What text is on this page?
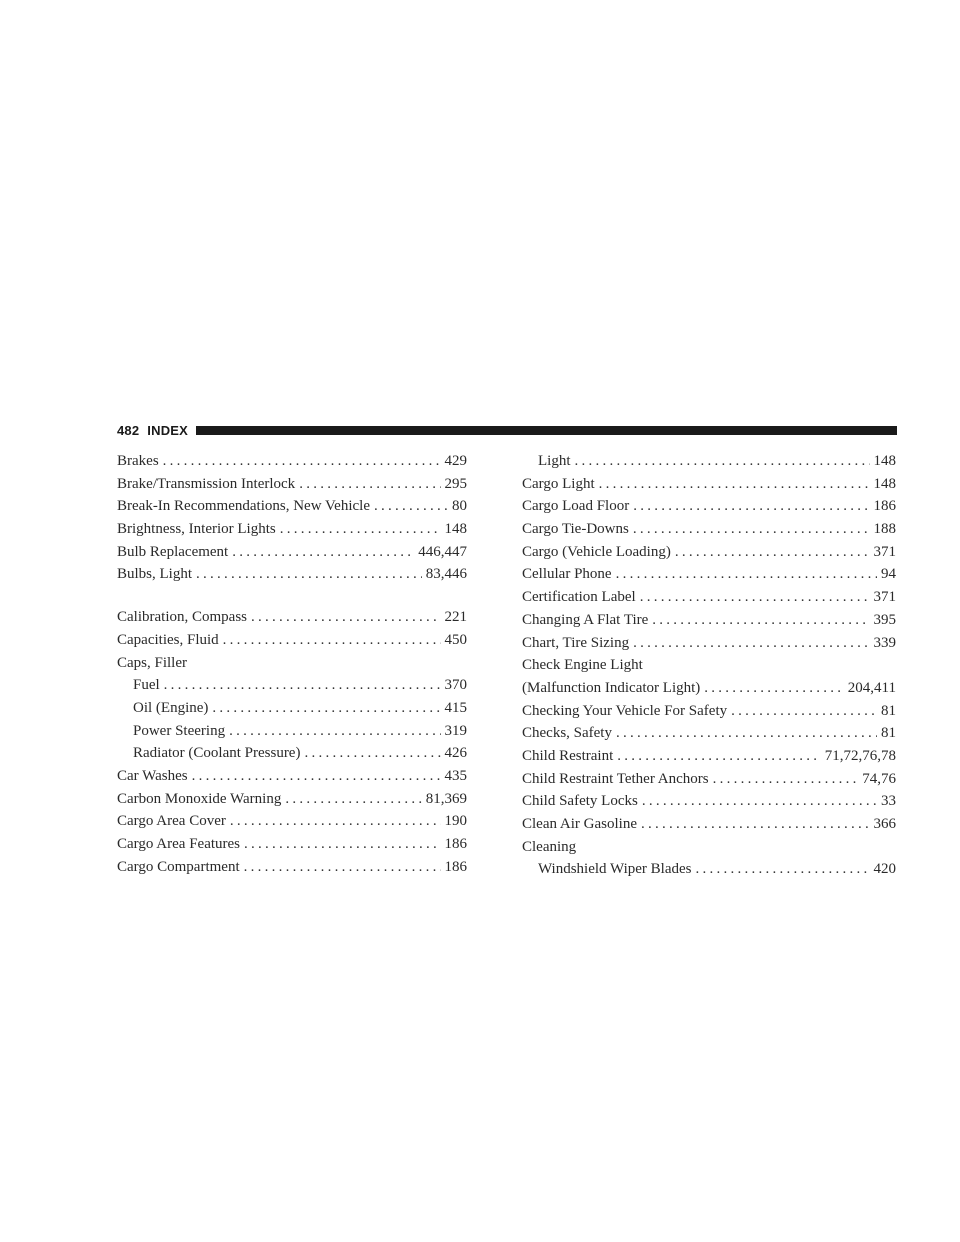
482 INDEX
Brakes . . .	429
Brake/Transmission Interlock . . .	295
Break-In Recommendations, New Vehicle . . .	80
Brightness, Interior Lights . . .	148
Bulb Replacement . . .	446,447
Bulbs, Light . . .	83,446
Calibration, Compass . . .	221
Capacities, Fluid . . .	450
Caps, Filler
Fuel . . .	370
Oil (Engine) . . .	415
Power Steering . . .	319
Radiator (Coolant Pressure) . . .	426
Car Washes . . .	435
Carbon Monoxide Warning . . .	81,369
Cargo Area Cover . . .	190
Cargo Area Features . . .	186
Cargo Compartment . . .	186
Light . . .	148
Cargo Light . . .	148
Cargo Load Floor . . .	186
Cargo Tie-Downs . . .	188
Cargo (Vehicle Loading) . . .	371
Cellular Phone . . .	94
Certification Label . . .	371
Changing A Flat Tire . . .	395
Chart, Tire Sizing . . .	339
Check Engine Light
(Malfunction Indicator Light) . . .	204,411
Checking Your Vehicle For Safety . . .	81
Checks, Safety . . .	81
Child Restraint . . .	71,72,76,78
Child Restraint Tether Anchors . . .	74,76
Child Safety Locks . . .	33
Clean Air Gasoline . . .	366
Cleaning
Windshield Wiper Blades . . .	420
